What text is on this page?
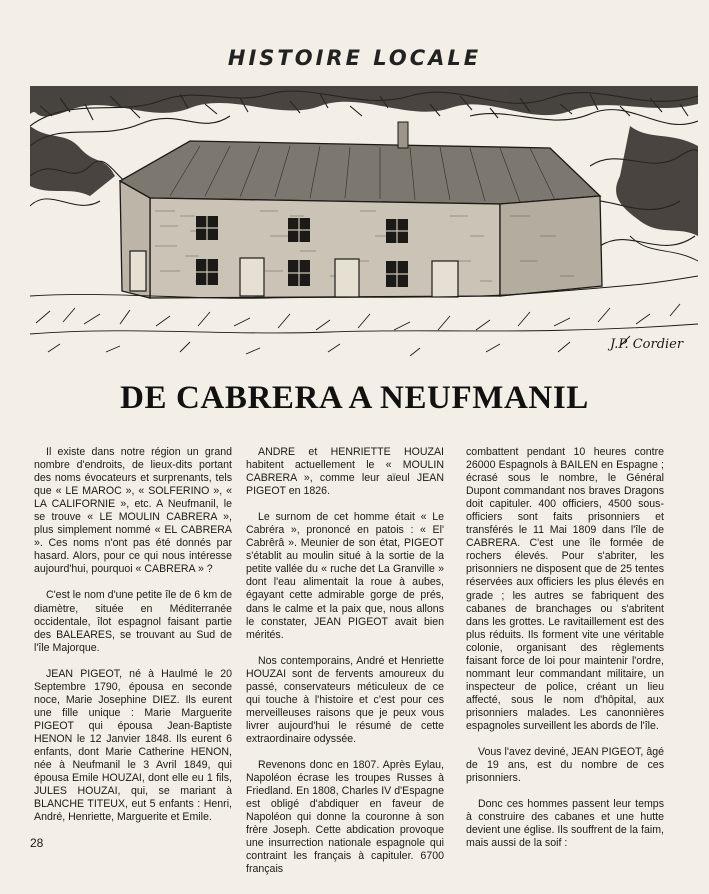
HISTOIRE LOCALE
J.P. Cordier
DE CABRERA A NEUFMANIL

Il existe dans notre région un grand nombre d'endroits, de lieux-dits portant des noms évocateurs et surprenants, tels que « LE MAROC », « SOLFERINO », « LA CALIFORNIE », etc. A Neufmanil, le se trouve « LE MOULIN CABRERA », plus simplement nommé « EL CABRERA ». Ces noms n'ont pas été donnés par hasard. Alors, pour ce qui nous intéresse aujourd'hui, pourquoi « CABRERA » ?

C'est le nom d'une petite île de 6 km de diamètre, située en Méditerranée occidentale, îlot espagnol faisant partie des BALEARES, se trouvant au Sud de l'île Majorque.

JEAN PIGEOT, né à Haulmé le 20 Septembre 1790, épousa en seconde noce, Marie Josephine DIEZ. Ils eurent une fille unique : Marie Marguerite PIGEOT qui épousa Jean-Baptiste HENON le 12 Janvier 1848. Ils eurent 6 enfants, dont Marie Catherine HENON, née à Neufmanil le 3 Avril 1849, qui épousa Emile HOUZAI, dont elle eu 1 fils, JULES HOUZAI, qui, se mariant à BLANCHE TITEUX, eut 5 enfants : Henri, André, Henriette, Marguerite et Emile.

ANDRE et HENRIETTE HOUZAI habitent actuellement le « MOULIN CABRERA », comme leur aïeul JEAN PIGEOT en 1826.

Le surnom de cet homme était « Le Cabréra », prononcé en patois : « El' Cabrêrâ ». Meunier de son état, PIGEOT s'établit au moulin situé à la sortie de la petite vallée du « ruche det La Granville » dont l'eau alimentait la roue à aubes, égayant cette admirable gorge de prés, dans le calme et la paix que, nous allons le constater, JEAN PIGEOT avait bien mérités.

Nos contemporains, André et Henriette HOUZAI sont de fervents amoureux du passé, conservateurs méticuleux de ce qui touche à l'histoire et c'est pour ces merveilleuses raisons que je peux vous livrer aujourd'hui le résumé de cette extraordinaire odyssée.

Revenons donc en 1807. Après Eylau, Napoléon écrase les troupes Russes à Friedland. En 1808, Charles IV d'Espagne est obligé d'abdiquer en faveur de Napoléon qui donne la couronne à son frère Joseph. Cette abdication provoque une insurrection nationale espagnole qui contraint les français à capituler. 6700 français

combattent pendant 10 heures contre 26000 Espagnols à BAILEN en Espagne ; écrasé sous le nombre, le Général Dupont commandant nos braves Dragons doit capituler. 400 officiers, 4500 sous-officiers sont faits prisonniers et transférés le 11 Mai 1809 dans l'île de CABRERA. C'est une île formée de rochers élevés. Pour s'abriter, les prisonniers ne disposent que de 25 tentes réservées aux officiers les plus élevés en grade ; les autres se fabriquent des cabanes de branchages ou s'abritent dans les grottes. Le ravitaillement est des plus réduits. Ils forment vite une véritable colonie, organisant des règlements faisant force de loi pour maintenir l'ordre, nommant leur commandant militaire, un inspecteur de police, créant un lieu affecté, sous le nom d'hôpital, aux prisonniers malades. Les canonnières espagnoles surveillent les abords de l'île.

Vous l'avez deviné, JEAN PIGEOT, âgé de 19 ans, est du nombre de ces prisonniers.

Donc ces hommes passent leur temps à construire des cabanes et une hutte devient une église. Ils souffrent de la faim, mais aussi de la soif :

28
